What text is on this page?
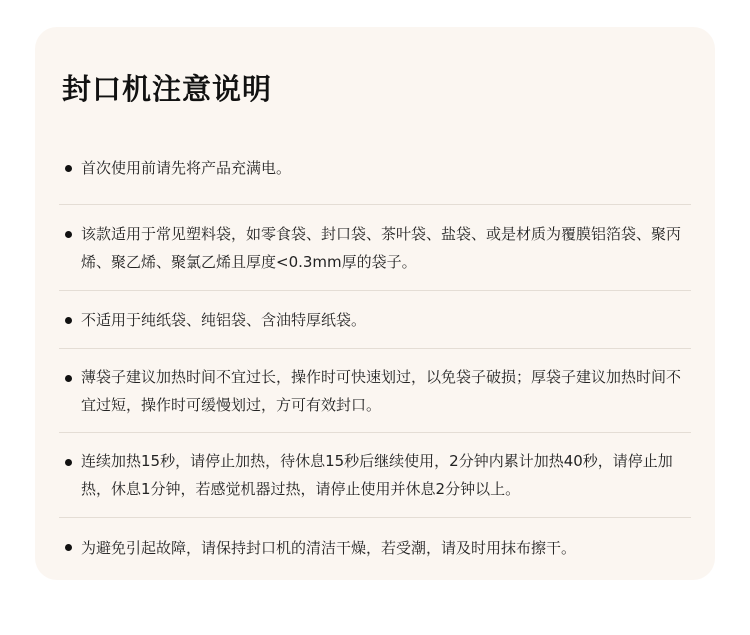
封口机注意说明
首次使用前请先将产品充满电。
该款适用于常见塑料袋，如零食袋、封口袋、茶叶袋、盐袋、或是材质为覆膜铝箔袋、聚丙烯、聚乙烯、聚氯乙烯且厚度<0.3mm厚的袋子。
不适用于纯纸袋、纯铝袋、含油特厚纸袋。
薄袋子建议加热时间不宜过长，操作时可快速划过，以免袋子破损；厚袋子建议加热时间不宜过短，操作时可缓慢划过，方可有效封口。
连续加热15秒，请停止加热，待休息15秒后继续使用，2分钟内累计加热40秒，请停止加热，休息1分钟，若感觉机器过热，请停止使用并休息2分钟以上。
为避免引起故障，请保持封口机的清洁干燥，若受潮，请及时用抹布擦干。
